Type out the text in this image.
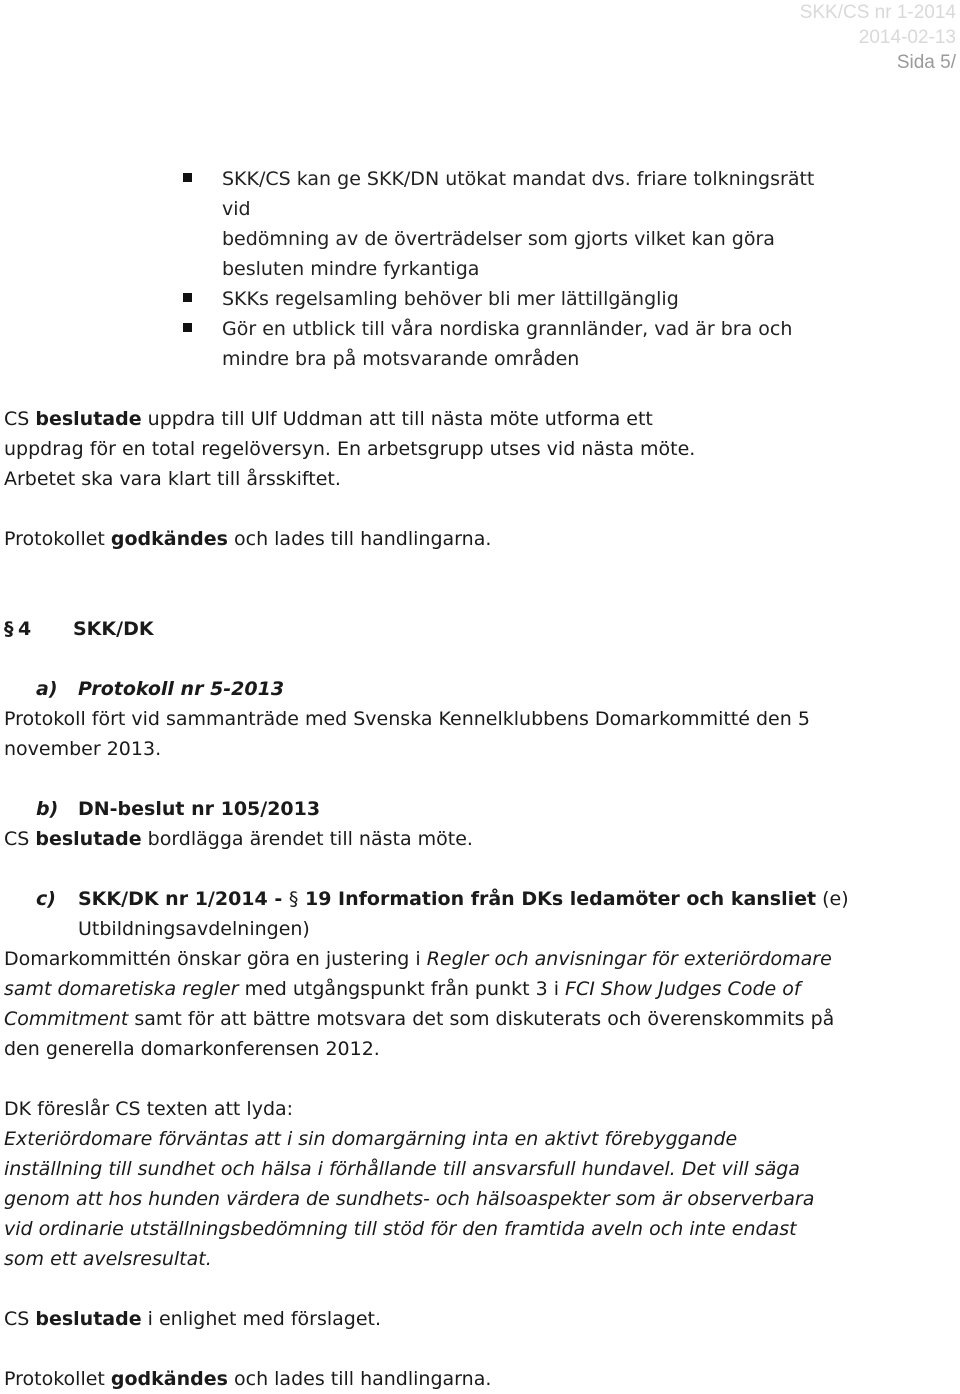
SKK/CS nr 1-2014
2014-02-13
Sida 5/
SKK/CS kan ge SKK/DN utökat mandat dvs. friare tolkningsrätt vid
bedömning av de överträdelser som gjorts vilket kan göra
besluten mindre fyrkantiga
SKKs regelsamling behöver bli mer lättillgänglig
Gör en utblick till våra nordiska grannländer, vad är bra och
mindre bra på motsvarande områden

CS beslutade uppdra till Ulf Uddman att till nästa möte utforma ett
uppdrag för en total regelöversyn. En arbetsgrupp utses vid nästa möte.
Arbetet ska vara klart till årsskiftet.

Protokollet godkändes och lades till handlingarna.

§ 4 SKK/DK

a) Protokoll nr 5-2013
Protokoll fört vid sammanträde med Svenska Kennelklubbens Domarkommitté den 5
november 2013.

b) DN-beslut nr 105/2013
CS beslutade bordlägga ärendet till nästa möte.

c) SKK/DK nr 1/2014 - § 19 Information från DKs ledamöter och kansliet (e)
Utbildningsavdelningen)
Domarkommittén önskar göra en justering i Regler och anvisningar för exteriördomare
samt domaretiska regler med utgångspunkt från punkt 3 i FCI Show Judges Code of
Commitment samt för att bättre motsvara det som diskuterats och överenskommits på
den generella domarkonferensen 2012.

DK föreslår CS texten att lyda:
Exteriördomare förväntas att i sin domargärning inta en aktivt förebyggande
inställning till sundhet och hälsa i förhållande till ansvarsfull hundavel. Det vill säga
genom att hos hunden värdera de sundhets- och hälsoaspekter som är observerbara
vid ordinarie utställningsbedömning till stöd för den framtida aveln och inte endast
som ett avelsresultat.

CS beslutade i enlighet med förslaget.

Protokollet godkändes och lades till handlingarna.
